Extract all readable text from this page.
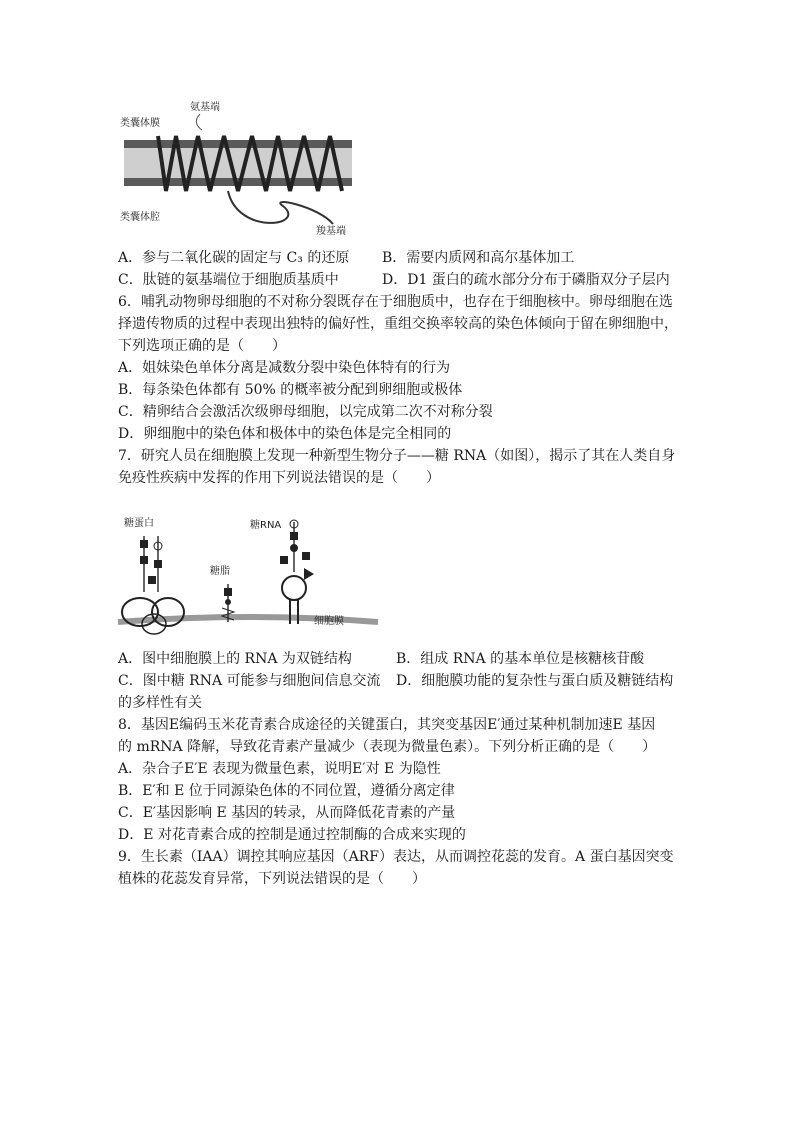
氨基端
类囊体膜
类囊体腔
羧基端
A．参与二氧化碳的固定与 C₃ 的还原 B．需要内质网和高尔基体加工
C．肽链的氨基端位于细胞质基质中	D．D1 蛋白的疏水部分分布于磷脂双分子层内
6．哺乳动物卵母细胞的不对称分裂既存在于细胞质中，也存在于细胞核中。卵母细胞在选
择遗传物质的过程中表现出独特的偏好性，重组交换率较高的染色体倾向于留在卵细胞中，
下列选项正确的是（　　）
A．姐妹染色单体分离是减数分裂中染色体特有的行为
B．每条染色体都有 50% 的概率被分配到卵细胞或极体
C．精卵结合会激活次级卵母细胞，以完成第二次不对称分裂
D．卵细胞中的染色体和极体中的染色体是完全相同的
7．研究人员在细胞膜上发现一种新型生物分子——糖 RNA（如图），揭示了其在人类自身
免疫性疾病中发挥的作用下列说法错误的是（　　）
糖蛋白
糖脂
糖RNA
细胞膜
A．图中细胞膜上的 RNA 为双链结构	B．组成 RNA 的基本单位是核糖核苷酸
C．图中糖 RNA 可能参与细胞间信息交流 D．细胞膜功能的复杂性与蛋白质及糖链结构
的多样性有关
8．基因E编码玉米花青素合成途径的关键蛋白，其突变基因E′通过某种机制加速E 基因
的 mRNA 降解，导致花青素产量减少（表现为微量色素）。下列分析正确的是（　　）
A．杂合子E′E 表现为微量色素，说明E′对 E 为隐性
B．E′和 E 位于同源染色体的不同位置，遵循分离定律
C．E′基因影响 E 基因的转录，从而降低花青素的产量
D．E 对花青素合成的控制是通过控制酶的合成来实现的
9．生长素（IAA）调控其响应基因（ARF）表达，从而调控花蕊的发育。A 蛋白基因突变
植株的花蕊发育异常，下列说法错误的是（　　）
